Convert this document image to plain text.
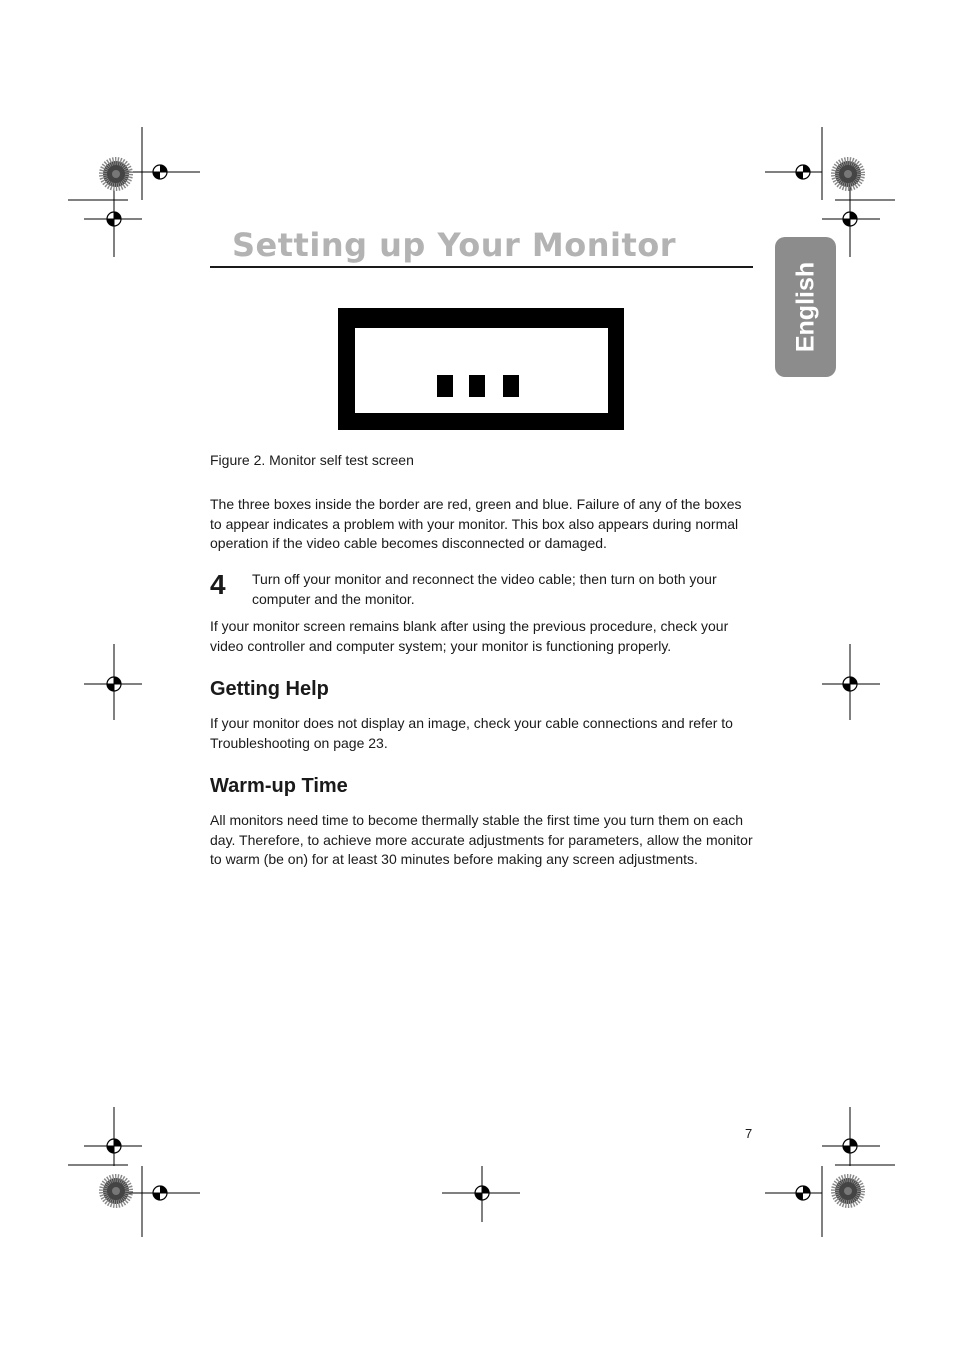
Setting up Your Monitor
English
Figure 2. Monitor self test screen

The three boxes inside the border are red, green and blue. Failure of any of the boxes to appear indicates a problem with your monitor. This box also appears during normal operation if the video cable becomes disconnected or damaged.

4 Turn off your monitor and reconnect the video cable; then turn on both your computer and the monitor.

If your monitor screen remains blank after using the previous procedure, check your video controller and computer system; your monitor is functioning properly.

Getting Help

If your monitor does not display an image, check your cable connections and refer to Troubleshooting on page 23.

Warm-up Time

All monitors need time to become thermally stable the first time you turn them on each day. Therefore, to achieve more accurate adjustments for parameters, allow the monitor to warm (be on) for at least 30 minutes before making any screen adjustments.

7
